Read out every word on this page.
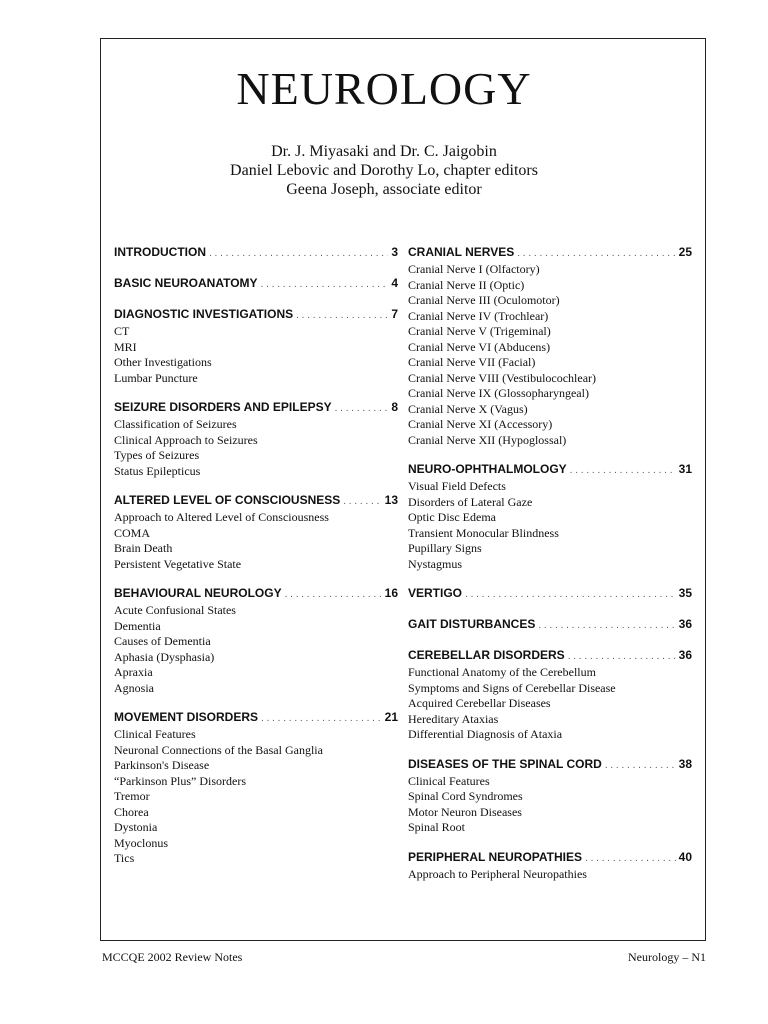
NEUROLOGY
Dr. J. Miyasaki and Dr. C. Jaigobin
Daniel Lebovic and Dorothy Lo, chapter editors
Geena Joseph, associate editor
INTRODUCTION . . .	3
BASIC NEUROANATOMY . . .	4
DIAGNOSTIC INVESTIGATIONS . . .	7
CT
MRI
Other Investigations
Lumbar Puncture
SEIZURE DISORDERS AND EPILEPSY . . .	8
Classification of Seizures
Clinical Approach to Seizures
Types of Seizures
Status Epilepticus
ALTERED LEVEL OF CONSCIOUSNESS . . .	13
Approach to Altered Level of Consciousness
COMA
Brain Death
Persistent Vegetative State
BEHAVIOURAL NEUROLOGY . . .	16
Acute Confusional States
Dementia
Causes of Dementia
Aphasia (Dysphasia)
Apraxia
Agnosia
MOVEMENT DISORDERS . . .	21
Clinical Features
Neuronal Connections of the Basal Ganglia
Parkinson's Disease
“Parkinson Plus” Disorders
Tremor
Chorea
Dystonia
Myoclonus
Tics
CRANIAL NERVES . . .	25
Cranial Nerve I (Olfactory)
Cranial Nerve II (Optic)
Cranial Nerve III (Oculomotor)
Cranial Nerve IV (Trochlear)
Cranial Nerve V (Trigeminal)
Cranial Nerve VI (Abducens)
Cranial Nerve VII (Facial)
Cranial Nerve VIII (Vestibulocochlear)
Cranial Nerve IX (Glossopharyngeal)
Cranial Nerve X (Vagus)
Cranial Nerve XI (Accessory)
Cranial Nerve XII (Hypoglossal)
NEURO-OPHTHALMOLOGY . . .	31
Visual Field Defects
Disorders of Lateral Gaze
Optic Disc Edema
Transient Monocular Blindness
Pupillary Signs
Nystagmus
VERTIGO . . .	35
GAIT DISTURBANCES . . .	36
CEREBELLAR DISORDERS . . .	36
Functional Anatomy of the Cerebellum
Symptoms and Signs of Cerebellar Disease
Acquired Cerebellar Diseases
Hereditary Ataxias
Differential Diagnosis of Ataxia
DISEASES OF THE SPINAL CORD . . .	38
Clinical Features
Spinal Cord Syndromes
Motor Neuron Diseases
Spinal Root
PERIPHERAL NEUROPATHIES . . .	40
Approach to Peripheral Neuropathies
MCCQE 2002 Review Notes	Neurology – N1
